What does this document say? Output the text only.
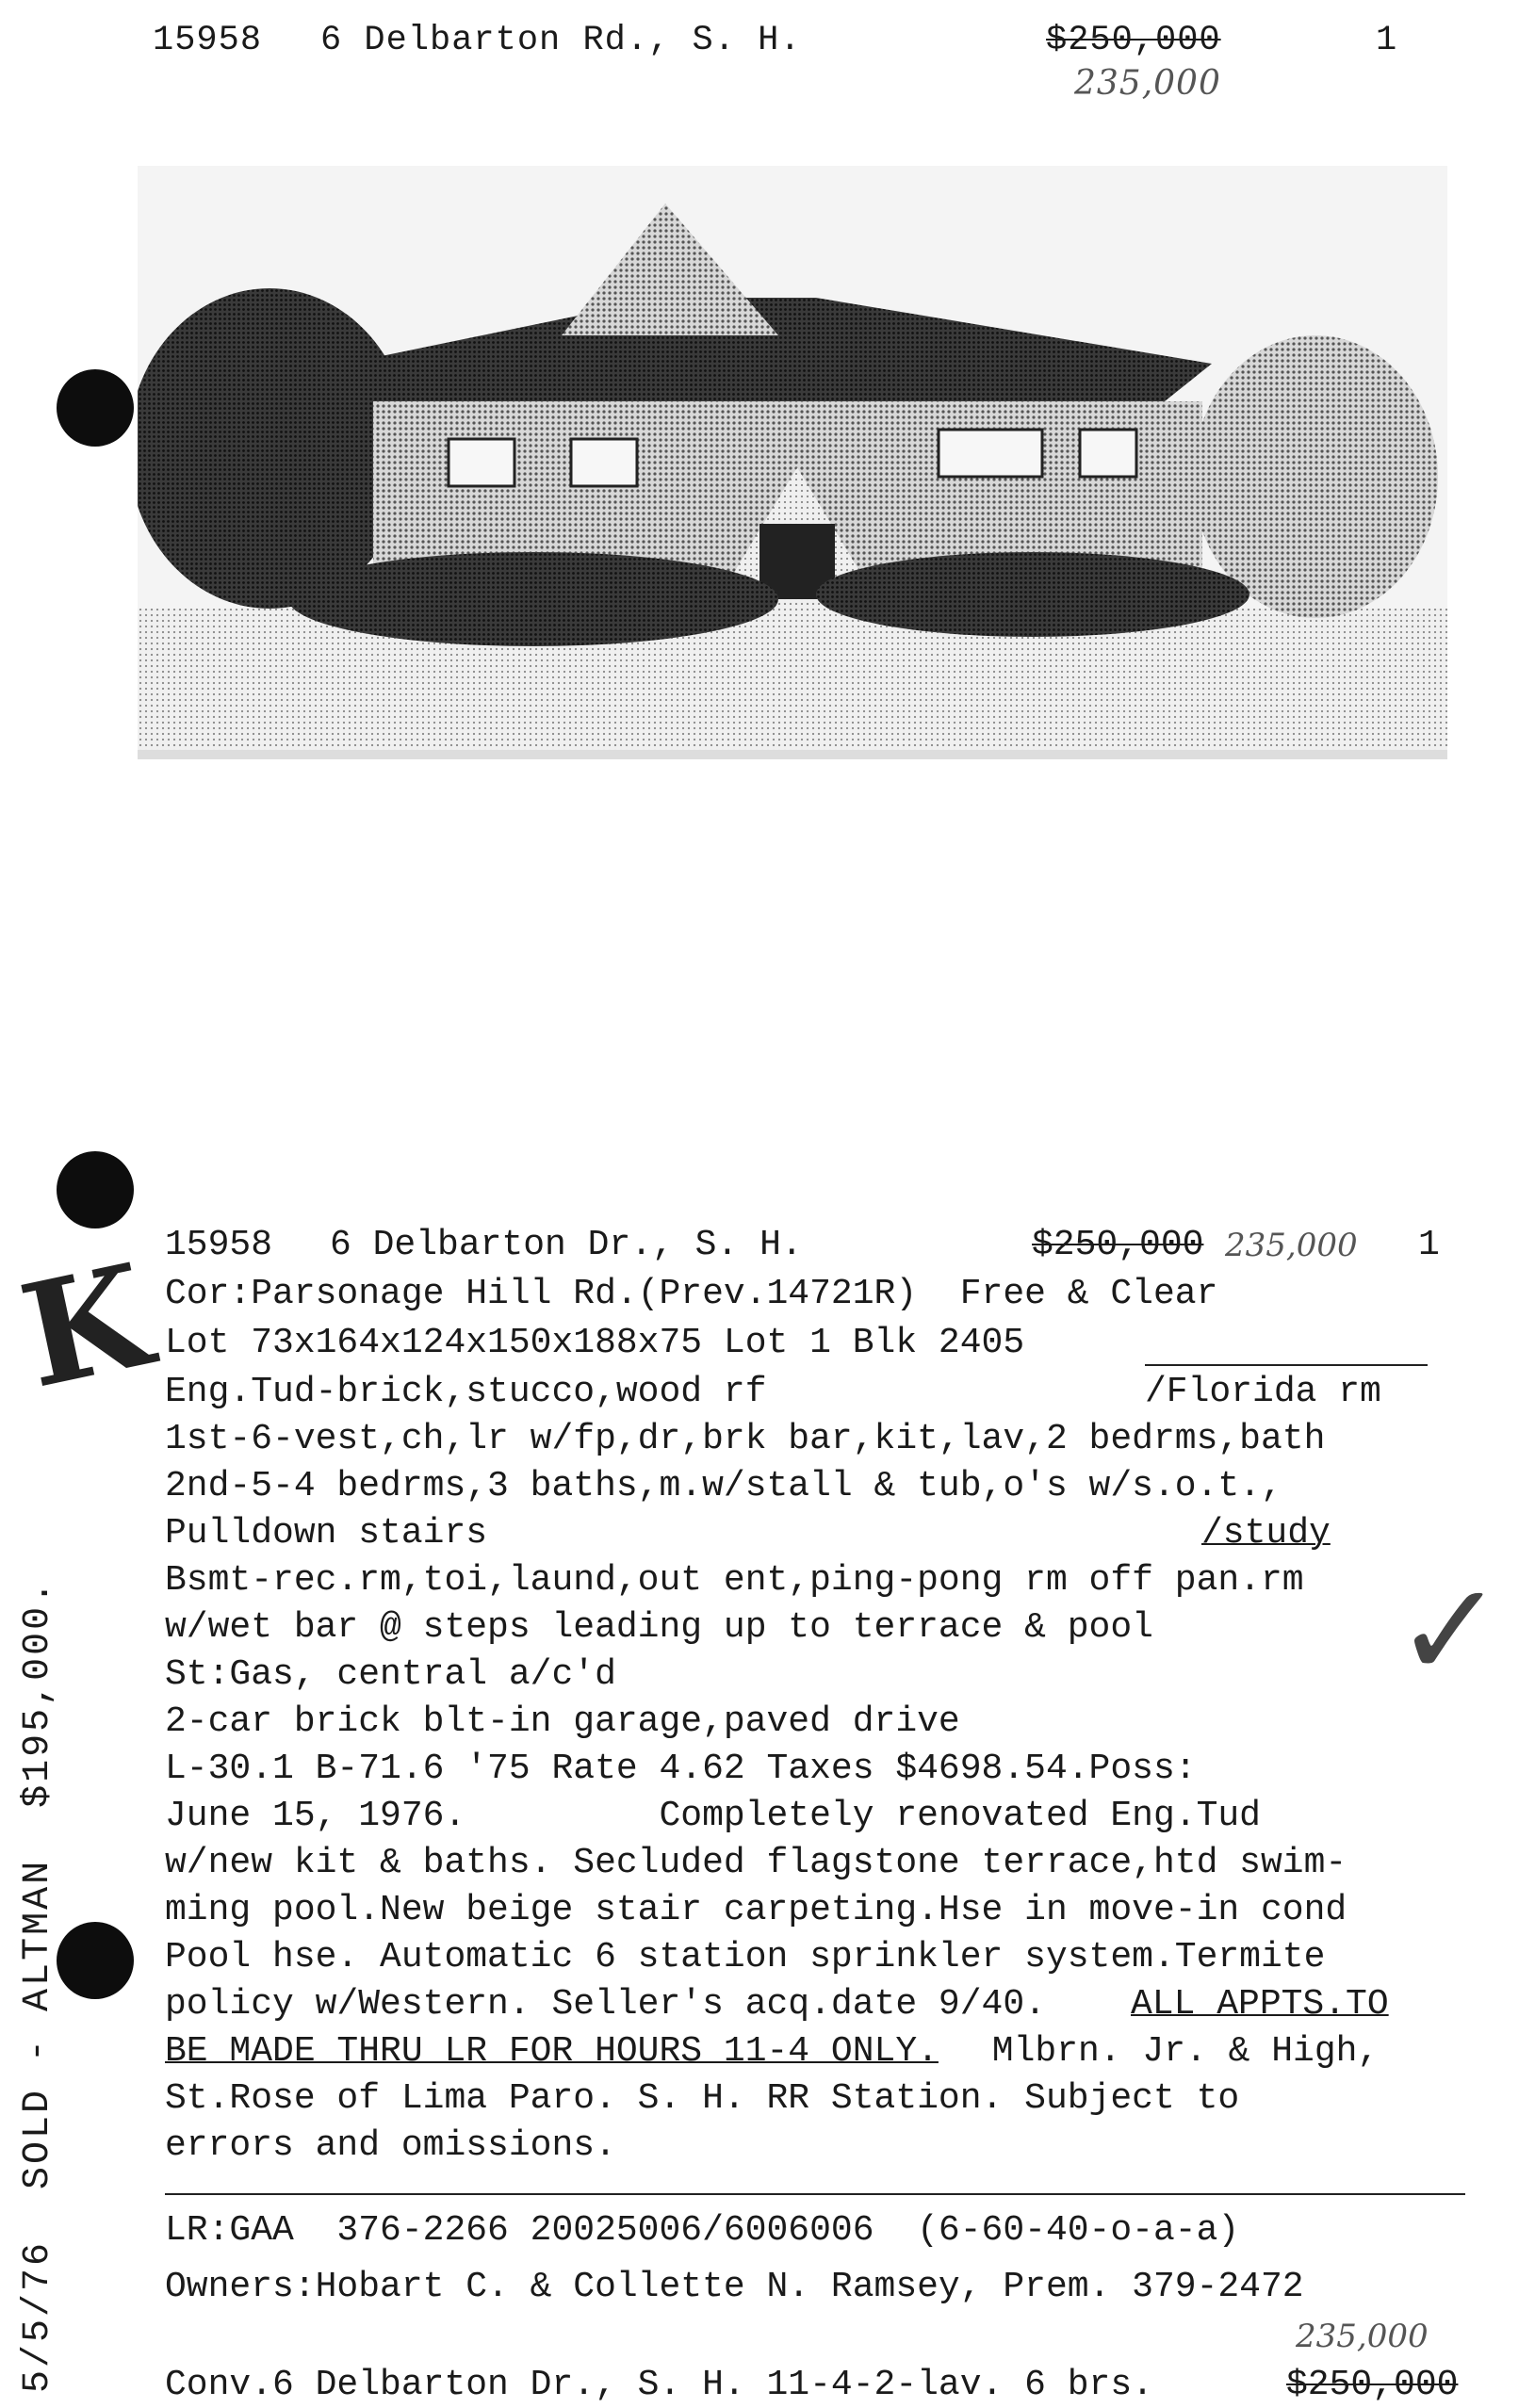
15958 6 Delbarton Rd., S. H.	$250,000
235,000
1
15958 6 Delbarton Dr., S. H.	$250,000 235,000 1
Cor:Parsonage Hill Rd.(Prev.14721R)  Free & Clear
Lot 73x164x124x150x188x75 Lot 1 Blk 2405
Eng.Tud-brick,stucco,wood rf	/Florida rm
1st-6-vest,ch,lr w/fp,dr,brk bar,kit,lav,2 bedrms,bath
2nd-5-4 bedrms,3 baths,m.w/stall & tub,o's w/s.o.t.,
Pulldown stairs	/study
Bsmt-rec.rm,toi,laund,out ent,ping-pong rm off pan.rm
w/wet bar @ steps leading up to terrace & pool
St:Gas, central a/c'd
2-car brick blt-in garage,paved drive
L-30.1 B-71.6 '75 Rate 4.62 Taxes $4698.54.Poss:
June 15, 1976.         Completely renovated Eng.Tud
w/new kit & baths. Secluded flagstone terrace,htd swim-
ming pool.New beige stair carpeting.Hse in move-in cond
Pool hse. Automatic 6 station sprinkler system.Termite
policy w/Western. Seller's acq.date 9/40. ALL APPTS.TO
BE MADE THRU LR FOR HOURS 11-4 ONLY. Mlbrn. Jr. & High,
St.Rose of Lima Paro. S. H. RR Station. Subject to
errors and omissions.
LR:GAA  376-2266 20025006/6006006  (6-60-40-o-a-a)
Owners:Hobart C. & Collette N. Ramsey, Prem. 379-2472
235,000
Conv.6 Delbarton Dr., S. H. 11-4-2-lav. 6 brs.	$250,000
K
✓
5/5/76  SOLD - ALTMAN  $195,000.
